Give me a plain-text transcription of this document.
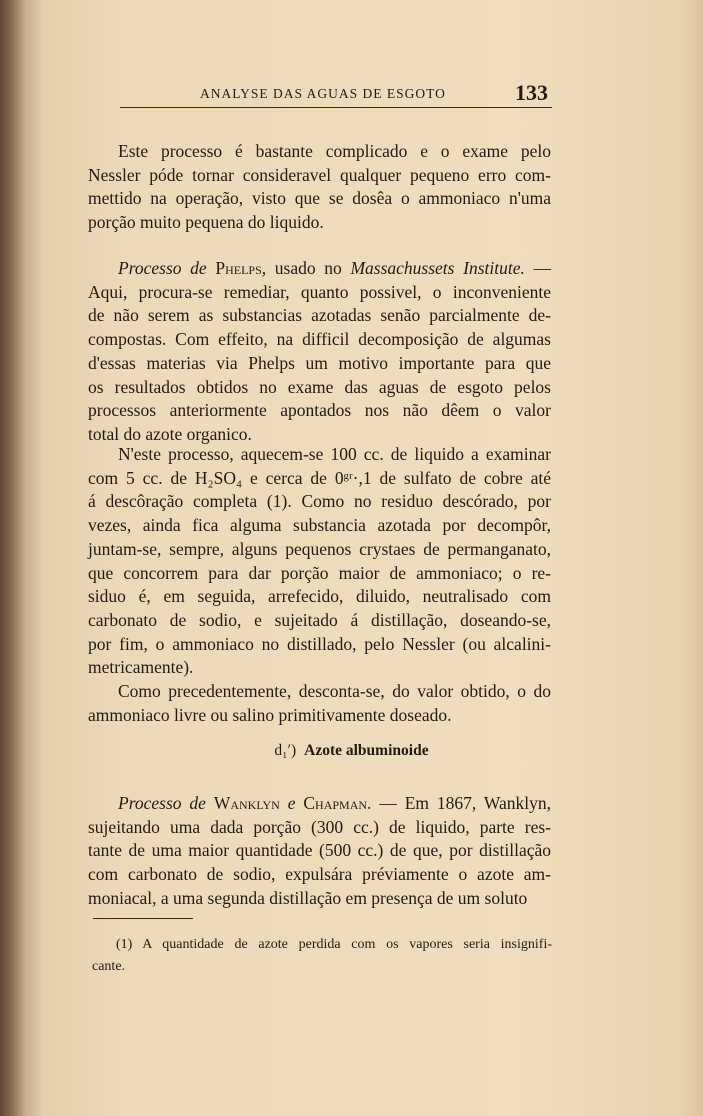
ANALYSE DAS AGUAS DE ESGOTO	133
Este processo é bastante complicado e o exame pelo
Nessler póde tornar consideravel qualquer pequeno erro com-
mettido na operação, visto que se dosêa o ammoniaco n'uma
porção muito pequena do liquido.
Processo de Phelps, usado no Massachussets Institute. —
Aqui, procura-se remediar, quanto possivel, o inconveniente
de não serem as substancias azotadas senão parcialmente de-
compostas. Com effeito, na difficil decomposição de algumas
d'essas materias via Phelps um motivo importante para que
os resultados obtidos no exame das aguas de esgoto pelos
processos anteriormente apontados nos não dêem o valor
total do azote organico.
N'este processo, aquecem-se 100 cc. de liquido a examinar
com 5 cc. de H₂SO₄ e cerca de 0ᵍʳ·,1 de sulfato de cobre até
á descôração completa (1). Como no residuo descórado, por
vezes, ainda fica alguma substancia azotada por decompôr,
juntam-se, sempre, alguns pequenos crystaes de permanganato,
que concorrem para dar porção maior de ammoniaco; o re-
siduo é, em seguida, arrefecido, diluido, neutralisado com
carbonato de sodio, e sujeitado á distillação, doseando-se,
por fim, o ammoniaco no distillado, pelo Nessler (ou alcalini-
metricamente).
Como precedentemente, desconta-se, do valor obtido, o do
ammoniaco livre ou salino primitivamente doseado.
d₁′) Azote albuminoide
Processo de Wanklyn e Chapman. — Em 1867, Wanklyn,
sujeitando uma dada porção (300 cc.) de liquido, parte res-
tante de uma maior quantidade (500 cc.) de que, por distillação
com carbonato de sodio, expulsára préviamente o azote am-
moniacal, a uma segunda distillação em presença de um soluto
(1) A quantidade de azote perdida com os vapores seria insignifi-
cante.
